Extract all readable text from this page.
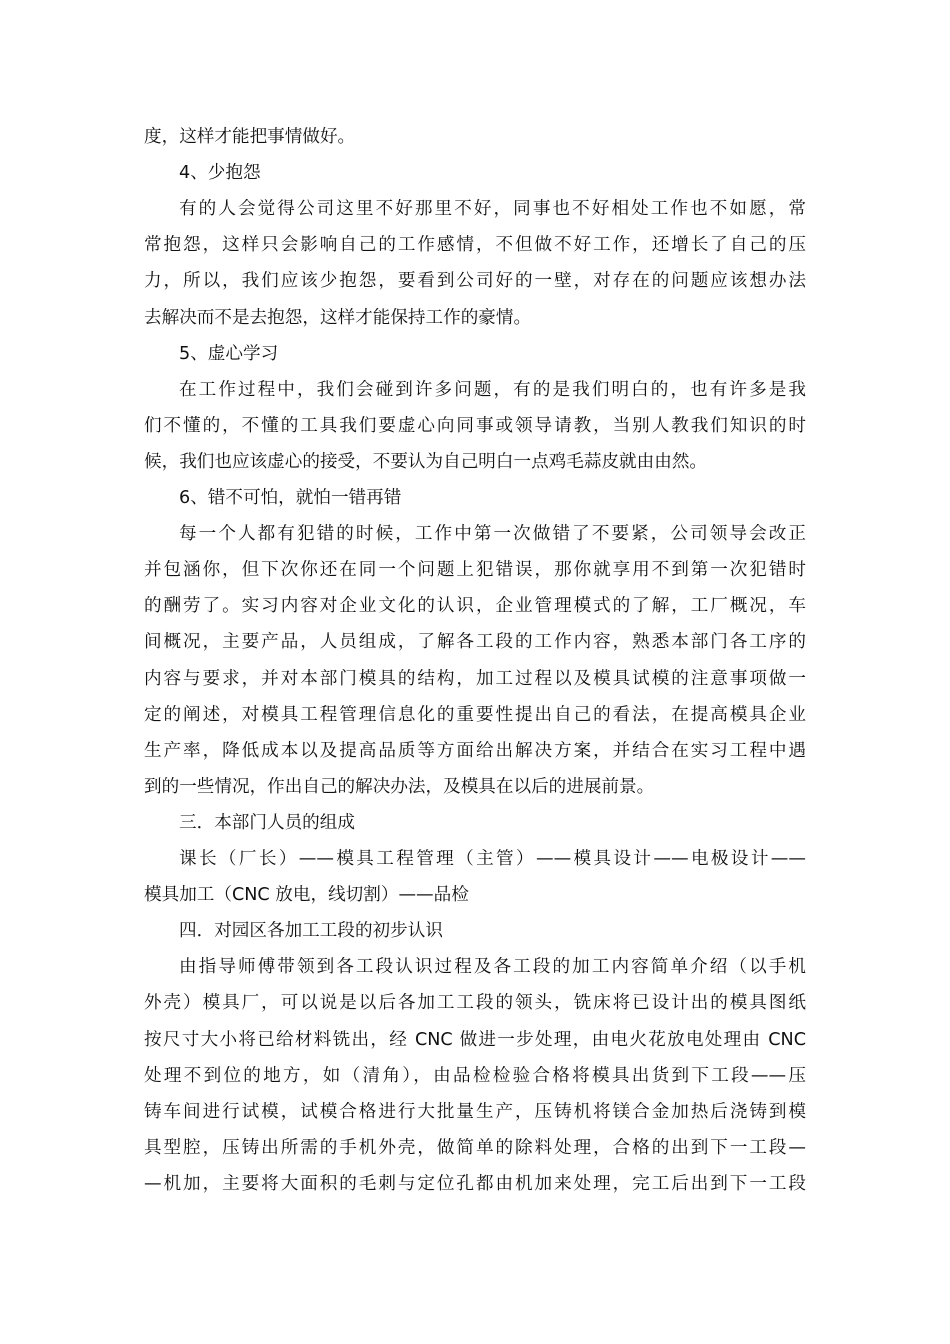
度，这样才能把事情做好。
4、少抱怨
有的人会觉得公司这里不好那里不好，同事也不好相处工作也不如愿，常
常抱怨，这样只会影响自己的工作感情，不但做不好工作，还增长了自己的压
力，所以，我们应该少抱怨，要看到公司好的一壁，对存在的问题应该想办法
去解决而不是去抱怨，这样才能保持工作的豪情。
5、虚心学习
在工作过程中，我们会碰到许多问题，有的是我们明白的，也有许多是我
们不懂的，不懂的工具我们要虚心向同事或领导请教，当别人教我们知识的时
候，我们也应该虚心的接受，不要认为自己明白一点鸡毛蒜皮就由由然。
6、错不可怕，就怕一错再错
每一个人都有犯错的时候，工作中第一次做错了不要紧，公司领导会改正
并包涵你，但下次你还在同一个问题上犯错误，那你就享用不到第一次犯错时
的酬劳了。实习内容对企业文化的认识，企业管理模式的了解，工厂概况，车
间概况，主要产品，人员组成，了解各工段的工作内容，熟悉本部门各工序的
内容与要求，并对本部门模具的结构，加工过程以及模具试模的注意事项做一
定的阐述，对模具工程管理信息化的重要性提出自己的看法，在提高模具企业
生产率，降低成本以及提高品质等方面给出解决方案，并结合在实习工程中遇
到的一些情况，作出自己的解决办法，及模具在以后的进展前景。
三．本部门人员的组成
课长（厂长）——模具工程管理（主管）——模具设计——电极设计——
模具加工（CNC 放电，线切割）——品检
四．对园区各加工工段的初步认识
由指导师傅带领到各工段认识过程及各工段的加工内容简单介绍（以手机
外壳）模具厂，可以说是以后各加工工段的领头，铣床将已设计出的模具图纸
按尺寸大小将已给材料铣出，经 CNC 做进一步处理，由电火花放电处理由 CNC
处理不到位的地方，如（清角），由品检检验合格将模具出货到下工段——压
铸车间进行试模，试模合格进行大批量生产，压铸机将镁合金加热后浇铸到模
具型腔，压铸出所需的手机外壳，做简单的除料处理，合格的出到下一工段—
—机加，主要将大面积的毛刺与定位孔都由机加来处理，完工后出到下一工段
